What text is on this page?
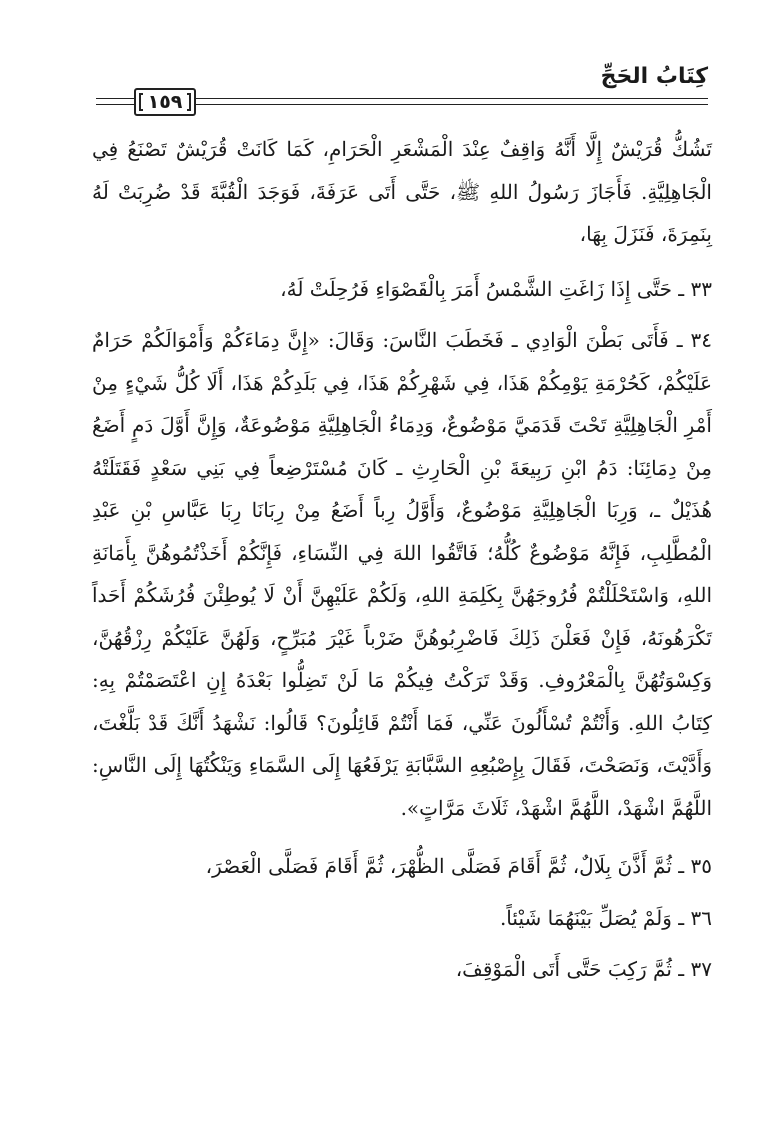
كِتَابُ الحَجِّ
١٥٩

تَشُكُّ قُرَيْشٌ إِلَّا أَنَّهُ وَاقِفٌ عِنْدَ الْمَشْعَرِ الْحَرَامِ، كَمَا كَانَتْ قُرَيْشٌ تَصْنَعُ فِي الْجَاهِلِيَّةِ. فَأَجَازَ رَسُولُ اللهِ ﷺ، حَتَّى أَتَى عَرَفَةَ، فَوَجَدَ الْقُبَّةَ قَدْ ضُرِبَتْ لَهُ بِنَمِرَةَ، فَنَزَلَ بِهَا،

٣٣ ـ حَتَّى إِذَا زَاغَتِ الشَّمْسُ أَمَرَ بِالْقَصْوَاءِ فَرُحِلَتْ لَهُ،

٣٤ ـ فَأَتَى بَطْنَ الْوَادِي ـ فَخَطَبَ النَّاسَ: وَقَالَ: «إِنَّ دِمَاءَكُمْ وَأَمْوَالَكُمْ حَرَامٌ عَلَيْكُمْ، كَحُرْمَةِ يَوْمِكُمْ هَذَا، فِي شَهْرِكُمْ هَذَا، فِي بَلَدِكُمْ هَذَا، أَلَا كُلُّ شَيْءٍ مِنْ أَمْرِ الْجَاهِلِيَّةِ تَحْتَ قَدَمَيَّ مَوْضُوعٌ، وَدِمَاءُ الْجَاهِلِيَّةِ مَوْضُوعَةٌ، وَإِنَّ أَوَّلَ دَمٍ أَضَعُ مِنْ دِمَائِنَا: دَمُ ابْنِ رَبِيعَةَ بْنِ الْحَارِثِ ـ كَانَ مُسْتَرْضِعاً فِي بَنِي سَعْدٍ فَقَتَلَتْهُ هُذَيْلٌ ـ، وَرِبَا الْجَاهِلِيَّةِ مَوْضُوعٌ، وَأَوَّلُ رِباً أَضَعُ مِنْ رِبَانَا رِبَا عَبَّاسِ بْنِ عَبْدِ الْمُطَّلِبِ، فَإِنَّهُ مَوْضُوعٌ كُلُّهُ؛ فَاتَّقُوا اللهَ فِي النِّسَاءِ، فَإِنَّكُمْ أَخَذْتُمُوهُنَّ بِأَمَانَةِ اللهِ، وَاسْتَحْلَلْتُمْ فُرُوجَهُنَّ بِكَلِمَةِ اللهِ، وَلَكُمْ عَلَيْهِنَّ أَنْ لَا يُوطِئْنَ فُرُشَكُمْ أَحَداً تَكْرَهُونَهُ، فَإِنْ فَعَلْنَ ذَلِكَ فَاضْرِبُوهُنَّ ضَرْباً غَيْرَ مُبَرِّحٍ، وَلَهُنَّ عَلَيْكُمْ رِزْقُهُنَّ، وَكِسْوَتُهُنَّ بِالْمَعْرُوفِ. وَقَدْ تَرَكْتُ فِيكُمْ مَا لَنْ تَضِلُّوا بَعْدَهُ إِنِ اعْتَصَمْتُمْ بِهِ: كِتَابُ اللهِ. وَأَنْتُمْ تُسْأَلُونَ عَنِّي، فَمَا أَنْتُمْ قَائِلُونَ؟ قَالُوا: نَشْهَدُ أَنَّكَ قَدْ بَلَّغْتَ، وَأَدَّيْتَ، وَنَصَحْتَ، فَقَالَ بِإِصْبُعِهِ السَّبَّابَةِ يَرْفَعُهَا إِلَى السَّمَاءِ وَيَنْكُتُهَا إِلَى النَّاسِ: اللَّهُمَّ اشْهَدْ، اللَّهُمَّ اشْهَدْ، ثَلَاثَ مَرَّاتٍ».

٣٥ ـ ثُمَّ أَذَّنَ بِلَالٌ، ثُمَّ أَقَامَ فَصَلَّى الظُّهْرَ، ثُمَّ أَقَامَ فَصَلَّى الْعَصْرَ،

٣٦ ـ وَلَمْ يُصَلِّ بَيْنَهُمَا شَيْئاً.

٣٧ ـ ثُمَّ رَكِبَ حَتَّى أَتَى الْمَوْقِفَ،
